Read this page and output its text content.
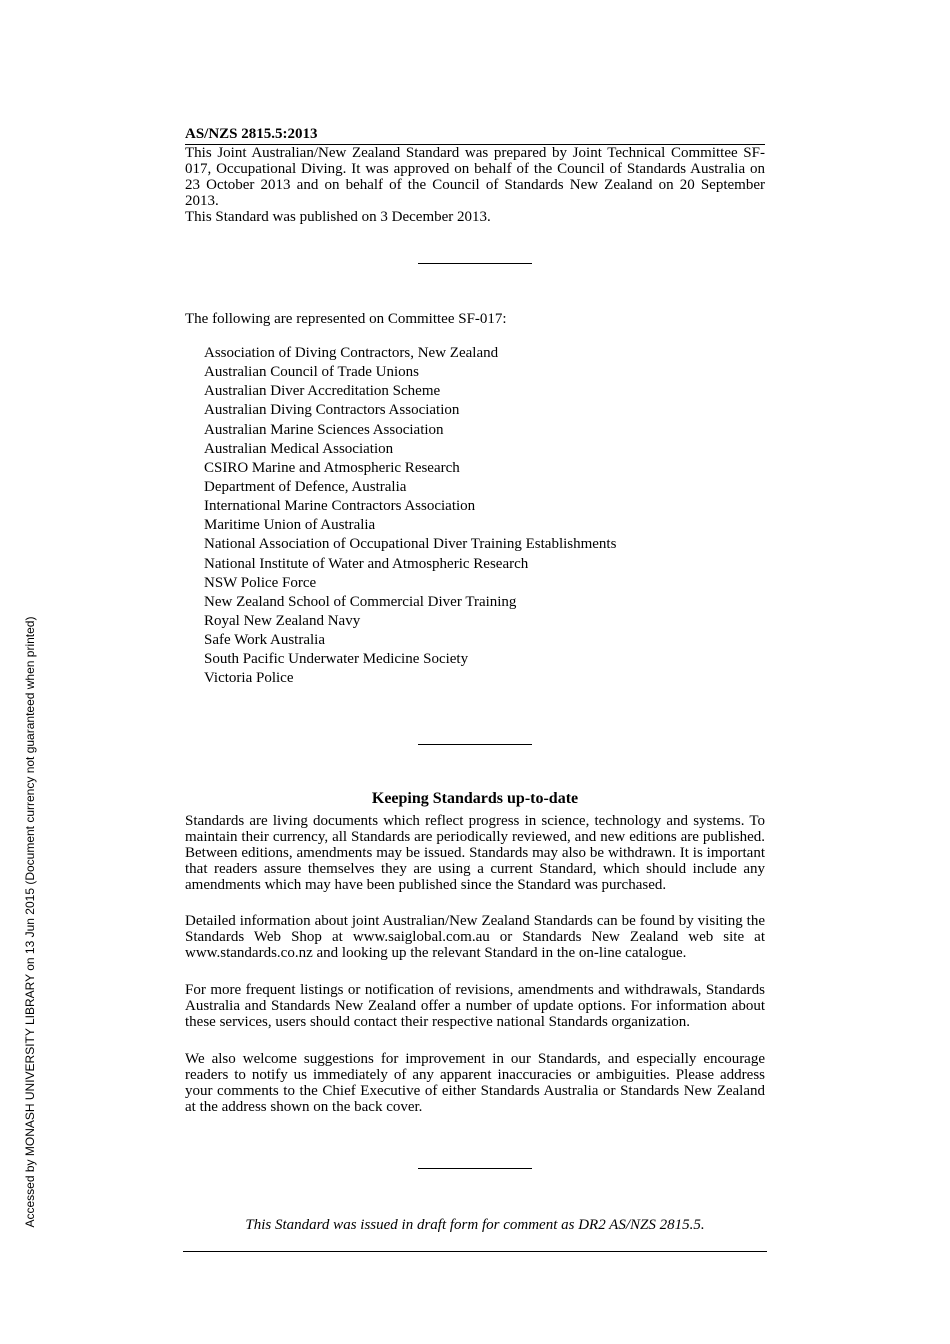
Accessed by MONASH UNIVERSITY LIBRARY on 13 Jun 2015 (Document currency not guaranteed when printed)
AS/NZS 2815.5:2013

This Joint Australian/New Zealand Standard was prepared by Joint Technical Committee SF-017, Occupational Diving. It was approved on behalf of the Council of Standards Australia on 23 October 2013 and on behalf of the Council of Standards New Zealand on 20 September 2013.

This Standard was published on 3 December 2013.

The following are represented on Committee SF-017:
Association of Diving Contractors, New Zealand
Australian Council of Trade Unions
Australian Diver Accreditation Scheme
Australian Diving Contractors Association
Australian Marine Sciences Association
Australian Medical Association
CSIRO Marine and Atmospheric Research
Department of Defence, Australia
International Marine Contractors Association
Maritime Union of Australia
National Association of Occupational Diver Training Establishments
National Institute of Water and Atmospheric Research
NSW Police Force
New Zealand School of Commercial Diver Training
Royal New Zealand Navy
Safe Work Australia
South Pacific Underwater Medicine Society
Victoria Police
Keeping Standards up-to-date

Standards are living documents which reflect progress in science, technology and systems. To maintain their currency, all Standards are periodically reviewed, and new editions are published. Between editions, amendments may be issued. Standards may also be withdrawn. It is important that readers assure themselves they are using a current Standard, which should include any amendments which may have been published since the Standard was purchased.

Detailed information about joint Australian/New Zealand Standards can be found by visiting the Standards Web Shop at www.saiglobal.com.au or Standards New Zealand web site at www.standards.co.nz and looking up the relevant Standard in the on-line catalogue.

For more frequent listings or notification of revisions, amendments and withdrawals, Standards Australia and Standards New Zealand offer a number of update options. For information about these services, users should contact their respective national Standards organization.

We also welcome suggestions for improvement in our Standards, and especially encourage readers to notify us immediately of any apparent inaccuracies or ambiguities. Please address your comments to the Chief Executive of either Standards Australia or Standards New Zealand at the address shown on the back cover.

This Standard was issued in draft form for comment as DR2 AS/NZS 2815.5.
